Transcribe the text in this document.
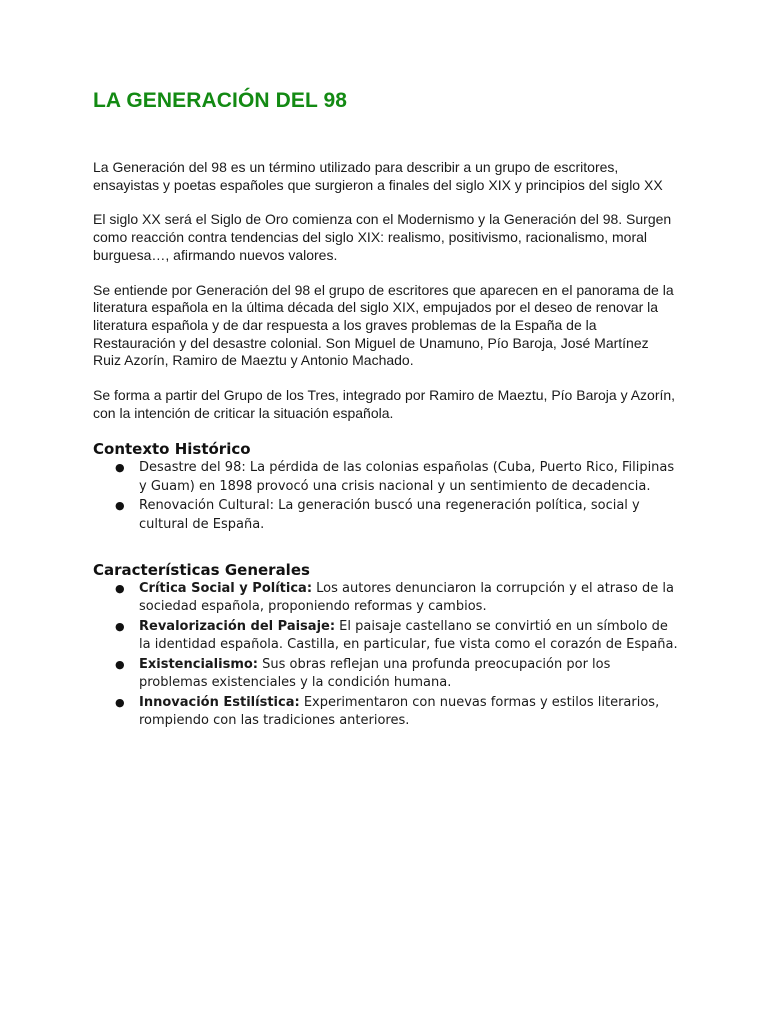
LA GENERACIÓN DEL 98

La Generación del 98 es un término utilizado para describir a un grupo de escritores, ensayistas y poetas españoles que surgieron a finales del siglo XIX y principios del siglo XX

El siglo XX será el Siglo de Oro comienza con el Modernismo y la Generación del 98. Surgen como reacción contra tendencias del siglo XIX: realismo, positivismo, racionalismo, moral burguesa…, afirmando nuevos valores.

Se entiende por Generación del 98 el grupo de escritores que aparecen en el panorama de la literatura española en la última década del siglo XIX, empujados por el deseo de renovar la literatura española y de dar respuesta a los graves problemas de la España de la Restauración y del desastre colonial. Son Miguel de Unamuno, Pío Baroja, José Martínez Ruiz Azorín, Ramiro de Maeztu y Antonio Machado.

Se forma a partir del Grupo de los Tres, integrado por Ramiro de Maeztu, Pío Baroja y Azorín, con la intención de criticar la situación española.

Contexto Histórico
● Desastre del 98: La pérdida de las colonias españolas (Cuba, Puerto Rico, Filipinas y Guam) en 1898 provocó una crisis nacional y un sentimiento de decadencia.
● Renovación Cultural: La generación buscó una regeneración política, social y cultural de España.
Características Generales
● Crítica Social y Política: Los autores denunciaron la corrupción y el atraso de la sociedad española, proponiendo reformas y cambios.
● Revalorización del Paisaje: El paisaje castellano se convirtió en un símbolo de la identidad española. Castilla, en particular, fue vista como el corazón de España.
● Existencialismo: Sus obras reflejan una profunda preocupación por los problemas existenciales y la condición humana.
● Innovación Estilística: Experimentaron con nuevas formas y estilos literarios, rompiendo con las tradiciones anteriores.
